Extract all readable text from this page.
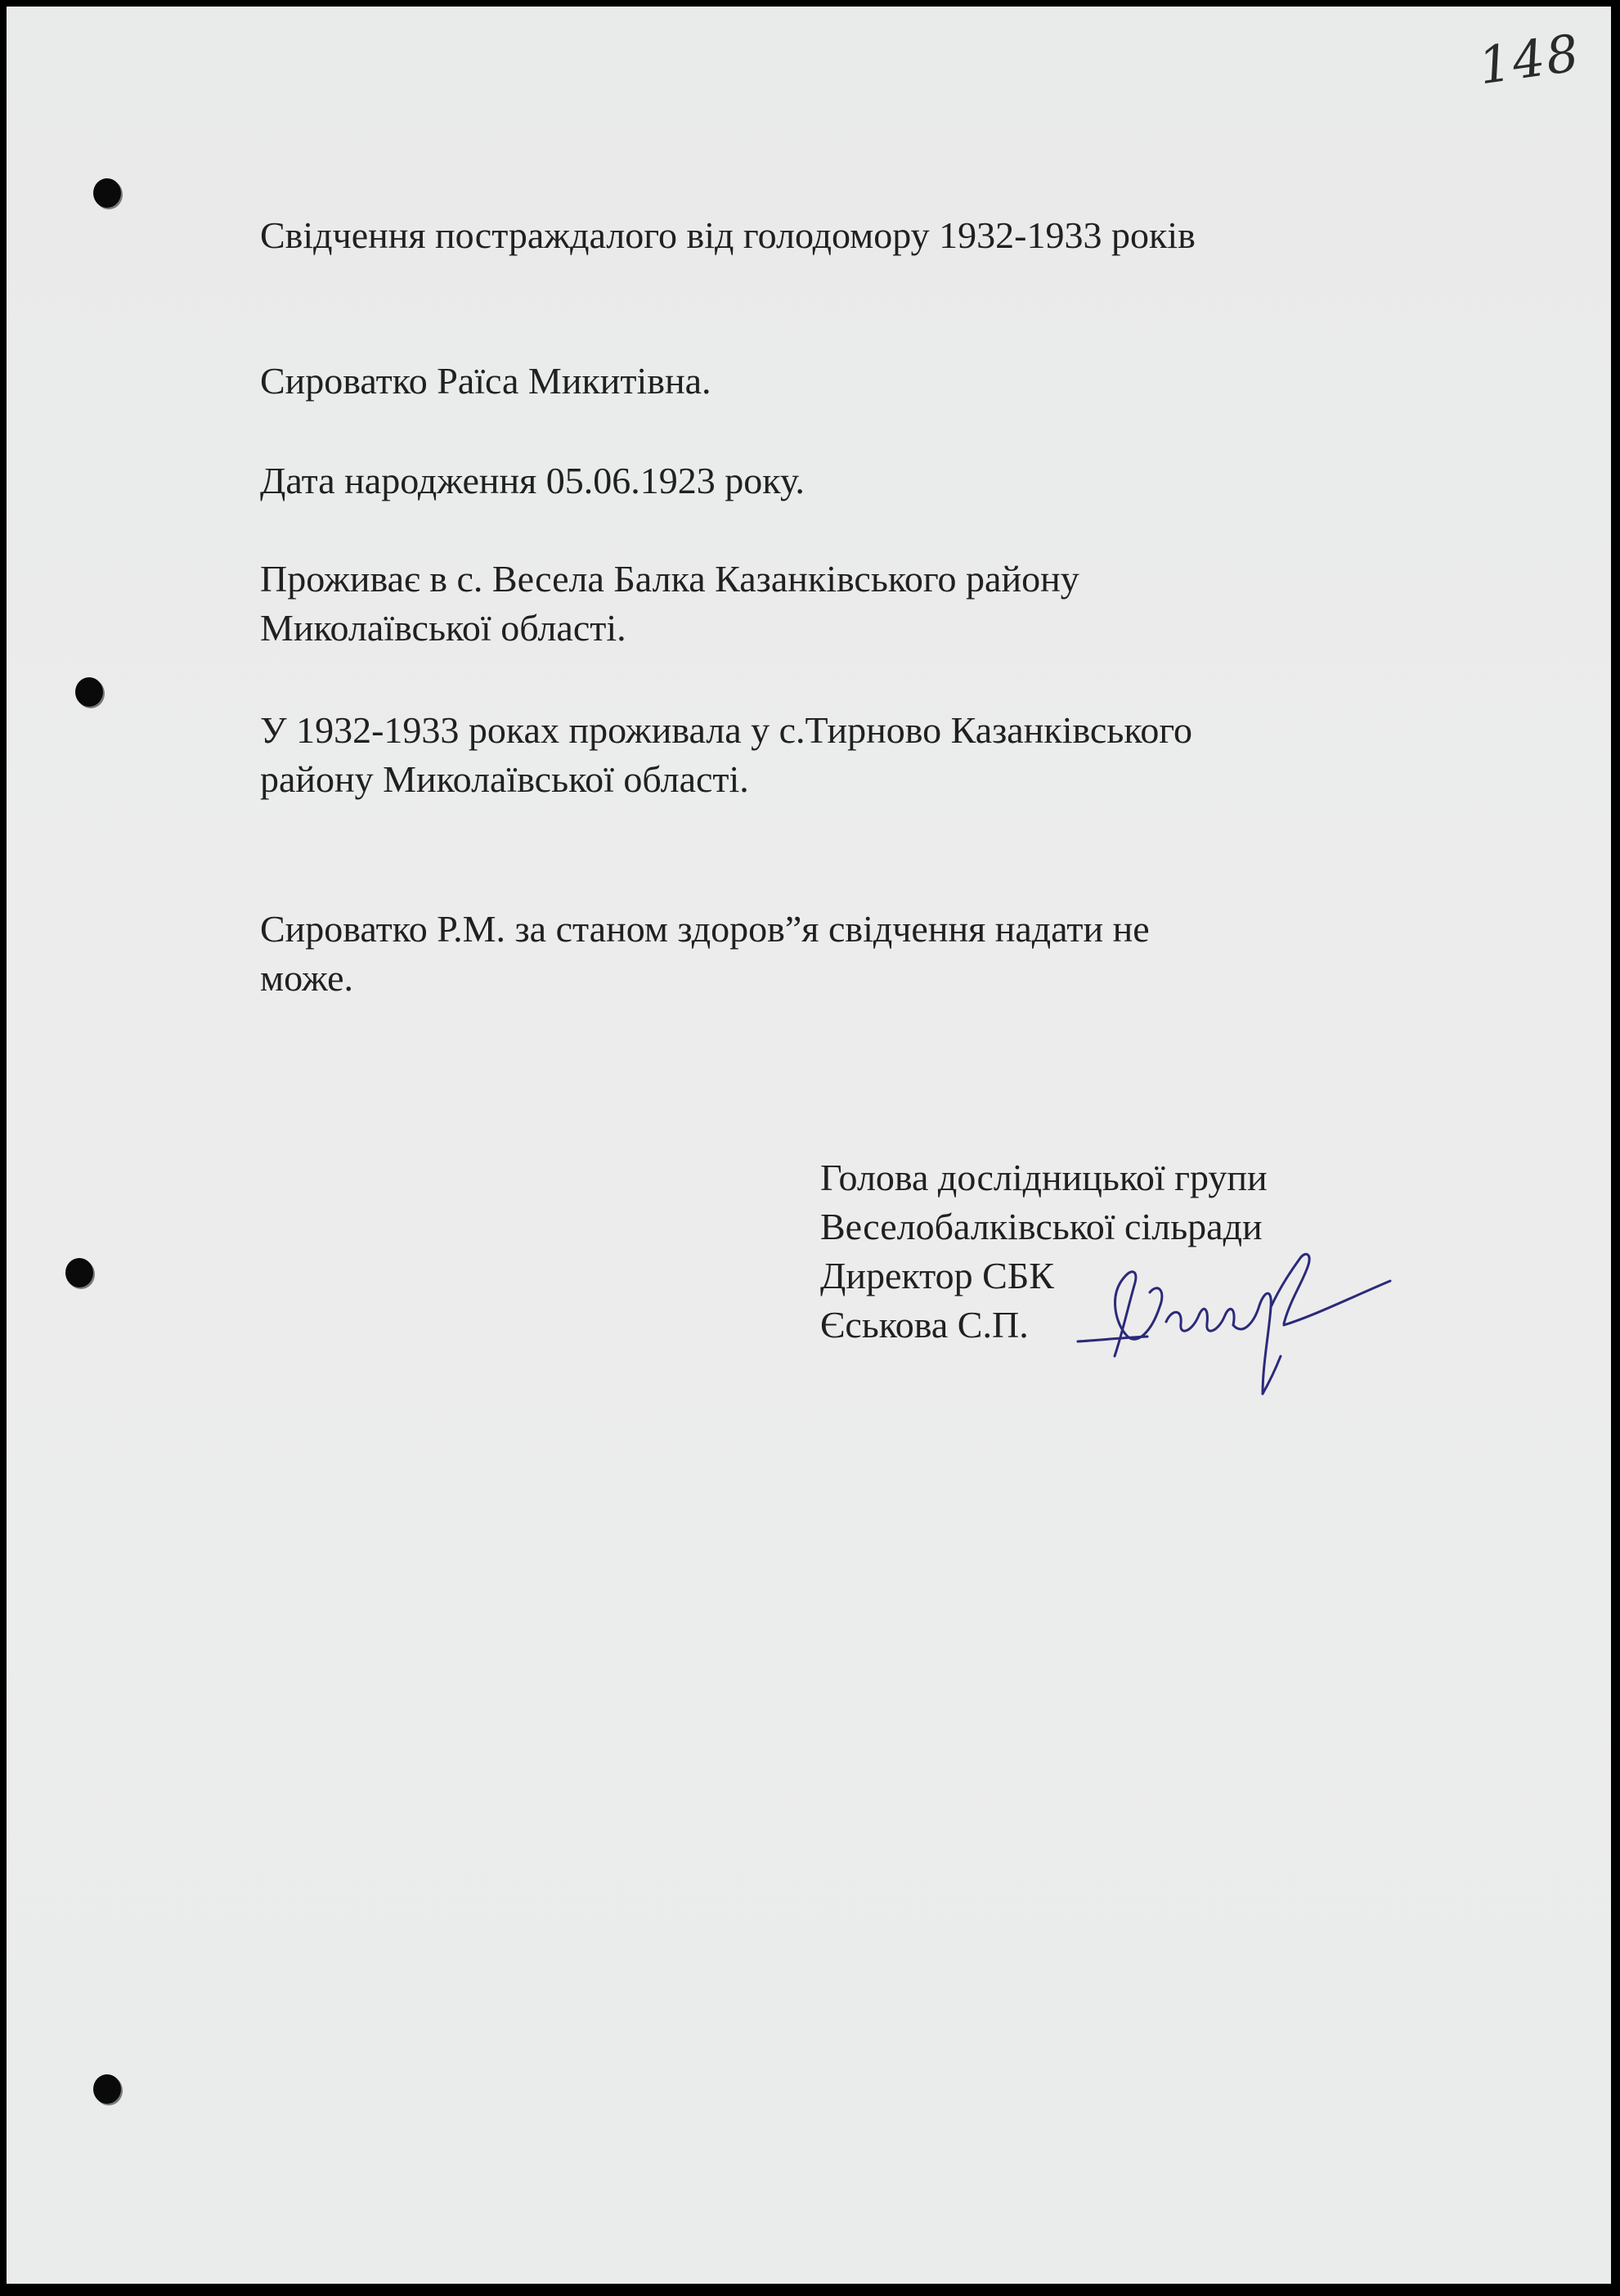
148
Свідчення постраждалого від голодомору 1932-1933 років
Сироватко Раїса Микитівна.
Дата народження 05.06.1923 року.
Проживає в с. Весела Балка Казанківського району
Миколаївської області.
У 1932-1933 роках проживала у с.Тирново Казанківського
району Миколаївської області.
Сироватко Р.М. за станом здоров”я свідчення надати не
може.
Голова дослідницької групи
Веселобалківської сільради
Директор СБК
Єськова С.П.
